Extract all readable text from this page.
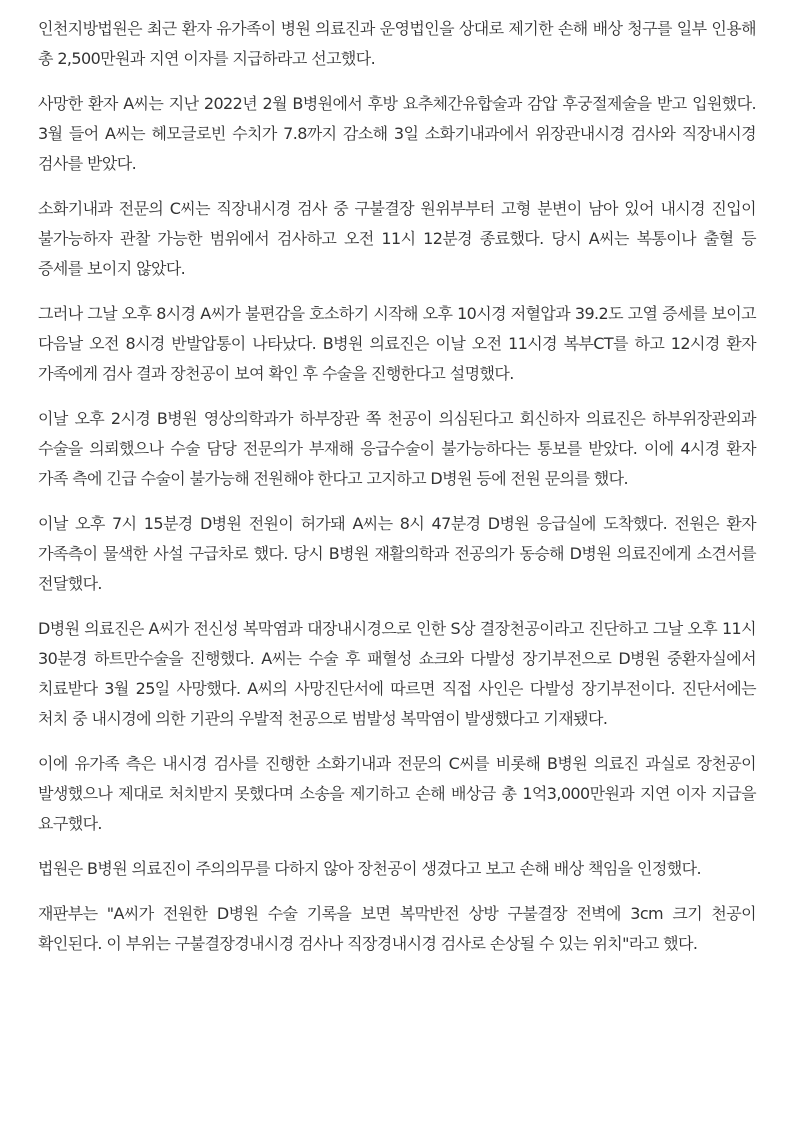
인천지방법원은 최근 환자 유가족이 병원 의료진과 운영법인을 상대로 제기한 손해 배상 청구를 일부 인용해 총 2,500만원과 지연 이자를 지급하라고 선고했다.

사망한 환자 A씨는 지난 2022년 2월 B병원에서 후방 요추체간유합술과 감압 후궁절제술을 받고 입원했다. 3월 들어 A씨는 헤모글로빈 수치가 7.8까지 감소해 3일 소화기내과에서 위장관내시경 검사와 직장내시경 검사를 받았다.

소화기내과 전문의 C씨는 직장내시경 검사 중 구불결장 원위부부터 고형 분변이 남아 있어 내시경 진입이 불가능하자 관찰 가능한 범위에서 검사하고 오전 11시 12분경 종료했다. 당시 A씨는 복통이나 출혈 등 증세를 보이지 않았다.

그러나 그날 오후 8시경 A씨가 불편감을 호소하기 시작해 오후 10시경 저혈압과 39.2도 고열 증세를 보이고 다음날 오전 8시경 반발압통이 나타났다. B병원 의료진은 이날 오전 11시경 복부CT를 하고 12시경 환자 가족에게 검사 결과 장천공이 보여 확인 후 수술을 진행한다고 설명했다.

이날 오후 2시경 B병원 영상의학과가 하부장관 쪽 천공이 의심된다고 회신하자 의료진은 하부위장관외과 수술을 의뢰했으나 수술 담당 전문의가 부재해 응급수술이 불가능하다는 통보를 받았다. 이에 4시경 환자 가족 측에 긴급 수술이 불가능해 전원해야 한다고 고지하고 D병원 등에 전원 문의를 했다.

이날 오후 7시 15분경 D병원 전원이 허가돼 A씨는 8시 47분경 D병원 응급실에 도착했다. 전원은 환자 가족측이 물색한 사설 구급차로 했다. 당시 B병원 재활의학과 전공의가 동승해 D병원 의료진에게 소견서를 전달했다.

D병원 의료진은 A씨가 전신성 복막염과 대장내시경으로 인한 S상 결장천공이라고 진단하고 그날 오후 11시 30분경 하트만수술을 진행했다. A씨는 수술 후 패혈성 쇼크와 다발성 장기부전으로 D병원 중환자실에서 치료받다 3월 25일 사망했다. A씨의 사망진단서에 따르면 직접 사인은 다발성 장기부전이다. 진단서에는 처치 중 내시경에 의한 기관의 우발적 천공으로 범발성 복막염이 발생했다고 기재됐다.

이에 유가족 측은 내시경 검사를 진행한 소화기내과 전문의 C씨를 비롯해 B병원 의료진 과실로 장천공이 발생했으나 제대로 처치받지 못했다며 소송을 제기하고 손해 배상금 총 1억3,000만원과 지연 이자 지급을 요구했다.

법원은 B병원 의료진이 주의의무를 다하지 않아 장천공이 생겼다고 보고 손해 배상 책임을 인정했다.

재판부는 "A씨가 전원한 D병원 수술 기록을 보면 복막반전 상방 구불결장 전벽에 3cm 크기 천공이 확인된다. 이 부위는 구불결장경내시경 검사나 직장경내시경 검사로 손상될 수 있는 위치"라고 했다.
